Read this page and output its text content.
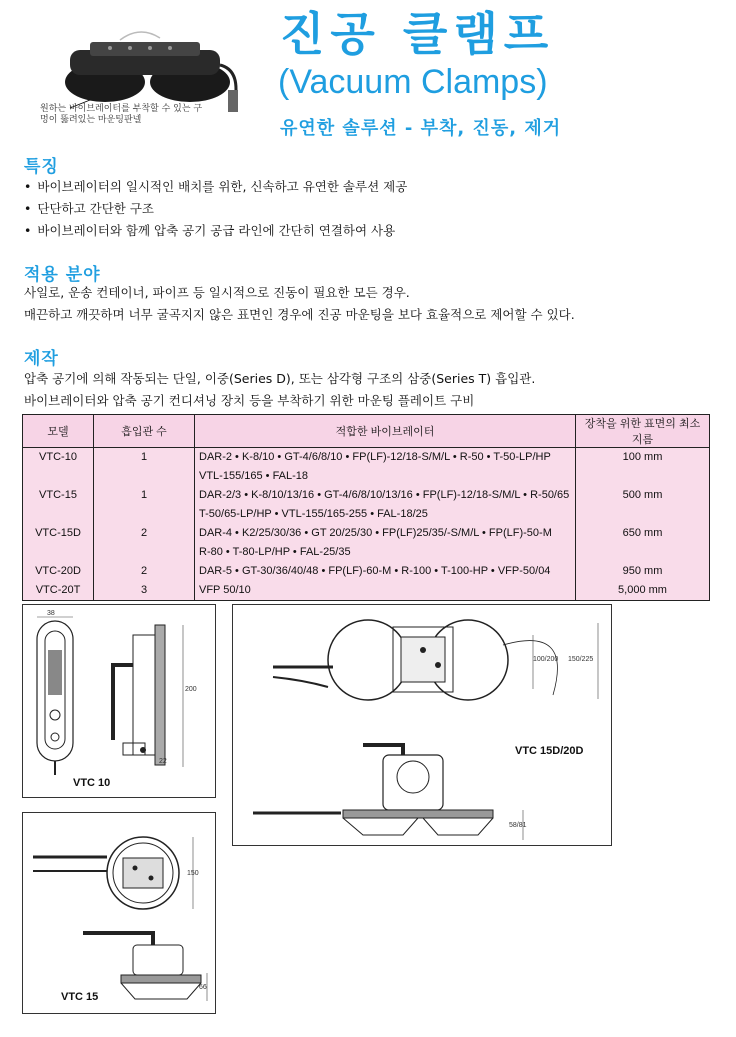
원하는 바이브레이터를 부착할 수 있는 구멍이 뚫려있는 마운팅판넬
진공 클램프
(Vacuum Clamps)
유연한 솔루션 - 부착, 진동, 제거
특징
• 바이브레이터의 일시적인 배치를 위한, 신속하고 유연한 솔루션 제공
• 단단하고 간단한 구조
• 바이브레이터와 함께 압축 공기 공급 라인에 간단히 연결하여 사용
적용 분야
사일로, 운송 컨테이너, 파이프 등 일시적으로 진동이 필요한 모든 경우.
매끈하고 깨끗하며 너무 굴곡지지 않은 표면인 경우에 진공 마운팅을 보다 효율적으로 제어할 수 있다.
제작
압축 공기에 의해 작동되는 단일, 이중(Series D), 또는 삼각형 구조의 삼중(Series T) 흡입관.
바이브레이터와 압축 공기 컨디셔닝 장치 등을 부착하기 위한 마운팅 플레이트 구비
모델	흡입관 수	적합한 바이브레이터	장착을 위한 표면의 최소지름
VTC-10	1	DAR-2 • K-8/10 • GT-4/6/8/10 • FP(LF)-12/18-S/M/L • R-50 • T-50-LP/HP	100 mm
		VTL-155/165 • FAL-18	
VTC-15	1	DAR-2/3 • K-8/10/13/16 • GT-4/6/8/10/13/16 • FP(LF)-12/18-S/M/L • R-50/65	500 mm
		T-50/65-LP/HP • VTL-155/165-255 • FAL-18/25	
VTC-15D	2	DAR-4 • K2/25/30/36 • GT 20/25/30 • FP(LF)25/35/-S/M/L • FP(LF)-50-M	650 mm
		R-80 • T-80-LP/HP • FAL-25/35	
VTC-20D	2	DAR-5 • GT-30/36/40/48 • FP(LF)-60-M • R-100 • T-100-HP • VFP-50/04	950 mm
VTC-20T	3	VFP 50/10	5,000 mm
38
200
22
VTC 10
100/200 150/225
58/81
VTC 15D/20D
150
66
VTC 15
